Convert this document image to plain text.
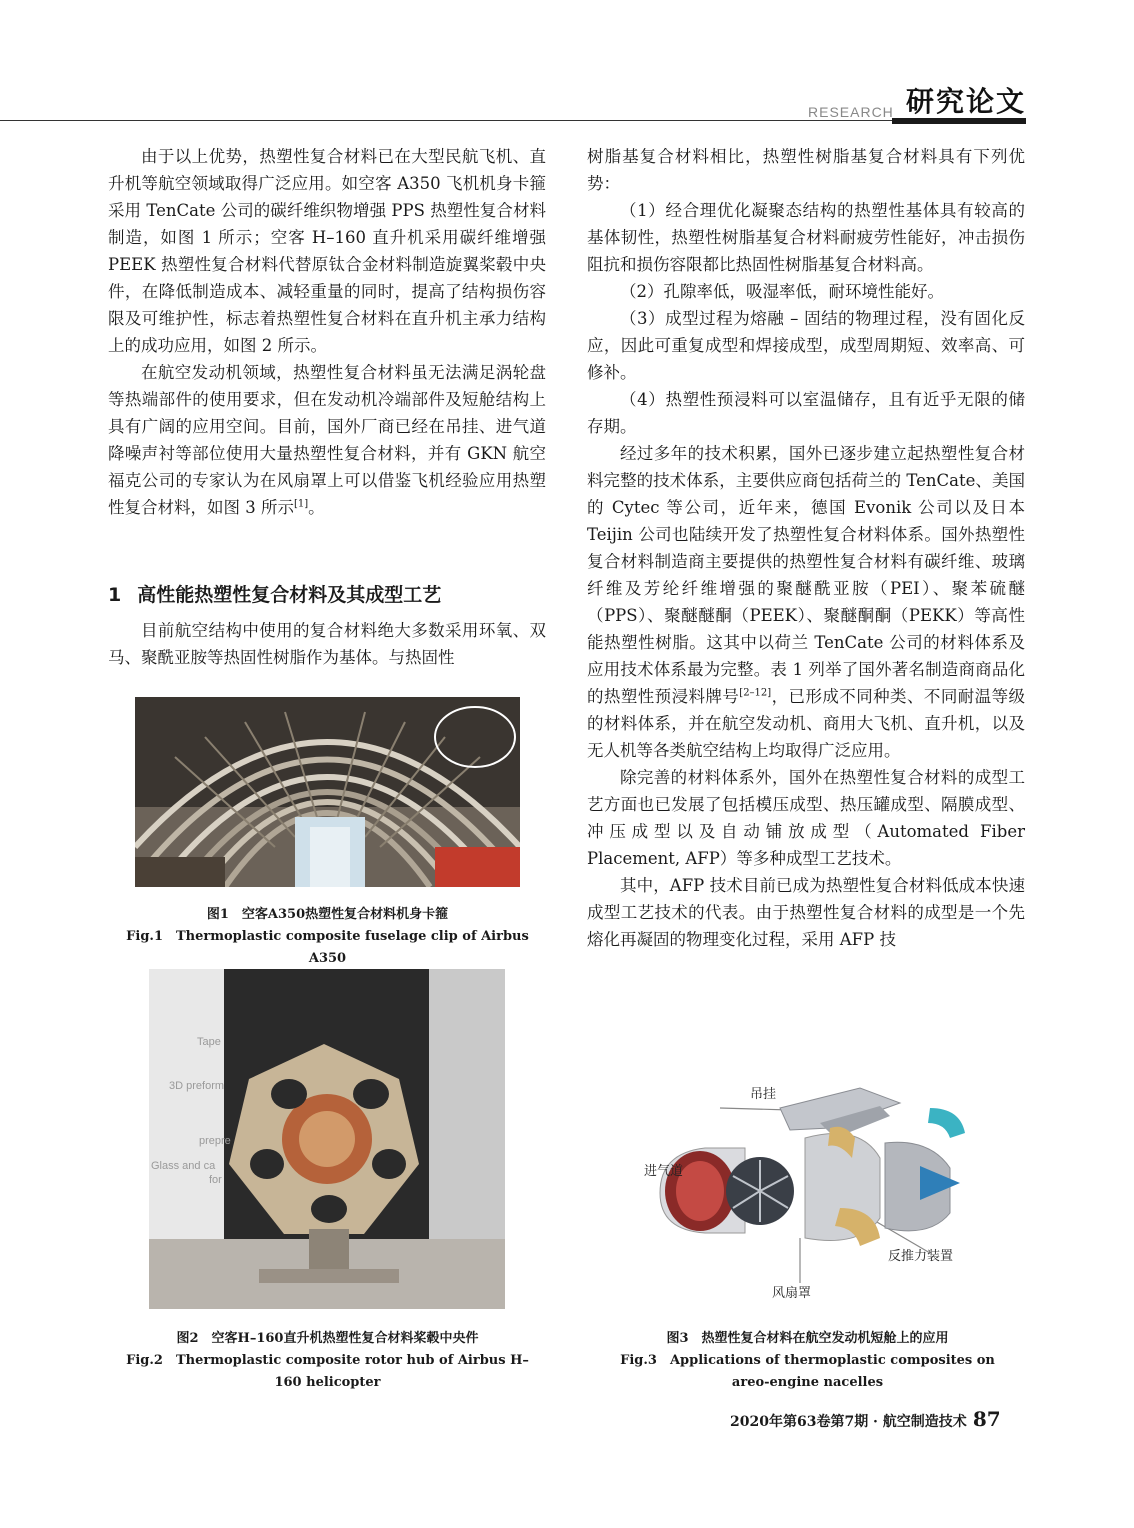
RESEARCH 研究论文

由于以上优势，热塑性复合材料已在大型民航飞机、直升机等航空领域取得广泛应用。如空客 A350 飞机机身卡箍采用 TenCate 公司的碳纤维织物增强 PPS 热塑性复合材料制造，如图 1 所示；空客 H–160 直升机采用碳纤维增强 PEEK 热塑性复合材料代替原钛合金材料制造旋翼桨毂中央件，在降低制造成本、减轻重量的同时，提高了结构损伤容限及可维护性，标志着热塑性复合材料在直升机主承力结构上的成功应用，如图 2 所示。

在航空发动机领域，热塑性复合材料虽无法满足涡轮盘等热端部件的使用要求，但在发动机冷端部件及短舱结构上具有广阔的应用空间。目前，国外厂商已经在吊挂、进气道降噪声衬等部位使用大量热塑性复合材料，并有 GKN 航空福克公司的专家认为在风扇罩上可以借鉴飞机经验应用热塑性复合材料，如图 3 所示[1]。

1 高性能热塑性复合材料及其成型工艺

目前航空结构中使用的复合材料绝大多数采用环氧、双马、聚酰亚胺等热固性树脂作为基体。与热固性

图1　空客A350热塑性复合材料机身卡箍
Fig.1　Thermoplastic composite fuselage clip of Airbus A350
Tape
3D preform
prepre
Glass and ca
for
图2　空客H–160直升机热塑性复合材料桨毂中央件
Fig.2　Thermoplastic composite rotor hub of Airbus H–160 helicopter

树脂基复合材料相比，热塑性树脂基复合材料具有下列优势：

（1）经合理优化凝聚态结构的热塑性基体具有较高的基体韧性，热塑性树脂基复合材料耐疲劳性能好，冲击损伤阻抗和损伤容限都比热固性树脂基复合材料高。

（2）孔隙率低，吸湿率低，耐环境性能好。

（3）成型过程为熔融 – 固结的物理过程，没有固化反应，因此可重复成型和焊接成型，成型周期短、效率高、可修补。

（4）热塑性预浸料可以室温储存，且有近乎无限的储存期。

经过多年的技术积累，国外已逐步建立起热塑性复合材料完整的技术体系，主要供应商包括荷兰的 TenCate、美国的 Cytec 等公司，近年来，德国 Evonik 公司以及日本 Teijin 公司也陆续开发了热塑性复合材料体系。国外热塑性复合材料制造商主要提供的热塑性复合材料有碳纤维、玻璃纤维及芳纶纤维增强的聚醚酰亚胺（PEI）、聚苯硫醚（PPS）、聚醚醚酮（PEEK）、聚醚酮酮（PEKK）等高性能热塑性树脂。这其中以荷兰 TenCate 公司的材料体系及应用技术体系最为完整。表 1 列举了国外著名制造商商品化的热塑性预浸料牌号[2–12]，已形成不同种类、不同耐温等级的材料体系，并在航空发动机、商用大飞机、直升机，以及无人机等各类航空结构上均取得广泛应用。

除完善的材料体系外，国外在热塑性复合材料的成型工艺方面也已发展了包括模压成型、热压罐成型、隔膜成型、冲压成型以及自动铺放成型（Automated Fiber Placement, AFP）等多种成型工艺技术。

其中，AFP 技术目前已成为热塑性复合材料低成本快速成型工艺技术的代表。由于热塑性复合材料的成型是一个先熔化再凝固的物理变化过程，采用 AFP 技

吊挂
进气道
反推力装置
风扇罩
图3　热塑性复合材料在航空发动机短舱上的应用
Fig.3　Applications of thermoplastic composites on areo-engine nacelles
2020年第63卷第7期 · 航空制造技术 87
